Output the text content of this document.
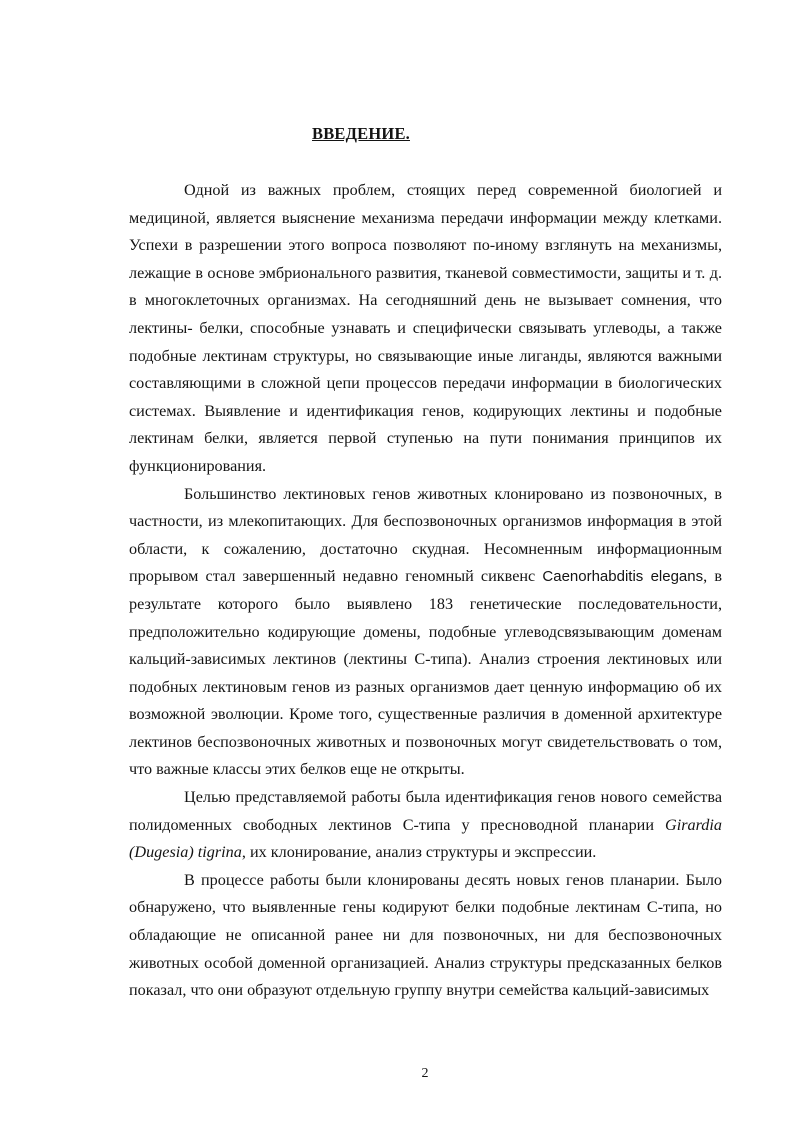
ВВЕДЕНИЕ.

Одной из важных проблем, стоящих перед современной биологией и медициной, является выяснение механизма передачи информации между клетками. Успехи в разрешении этого вопроса позволяют по-иному взглянуть на механизмы, лежащие в основе эмбрионального развития, тканевой совместимости, защиты и т. д. в многоклеточных организмах. На сегодняшний день не вызывает сомнения, что лектины- белки, способные узнавать и специфически связывать углеводы, а также подобные лектинам структуры, но связывающие иные лиганды, являются важными составляющими в сложной цепи процессов передачи информации в биологических системах. Выявление и идентификация генов, кодирующих лектины и подобные лектинам белки, является первой ступенью на пути понимания принципов их функционирования.

Большинство лектиновых генов животных клонировано из позвоночных, в частности, из млекопитающих. Для беспозвоночных организмов информация в этой области, к сожалению, достаточно скудная. Несомненным информационным прорывом стал завершенный недавно геномный сиквенс Caenorhabditis elegans, в результате которого было выявлено 183 генетические последовательности, предположительно кодирующие домены, подобные углеводсвязывающим доменам кальций-зависимых лектинов (лектины С-типа). Анализ строения лектиновых или подобных лектиновым генов из разных организмов дает ценную информацию об их возможной эволюции. Кроме того, существенные различия в доменной архитектуре лектинов беспозвоночных животных и позвоночных могут свидетельствовать о том, что важные классы этих белков еще не открыты.

Целью представляемой работы была идентификация генов нового семейства полидоменных свободных лектинов С-типа у пресноводной планарии Girardia (Dugesia) tigrina, их клонирование, анализ структуры и экспрессии.

В процессе работы были клонированы десять новых генов планарии. Было обнаружено, что выявленные гены кодируют белки подобные лектинам С-типа, но обладающие не описанной ранее ни для позвоночных, ни для беспозвоночных животных особой доменной организацией. Анализ структуры предсказанных белков показал, что они образуют отдельную группу внутри семейства кальций-зависимых

2
